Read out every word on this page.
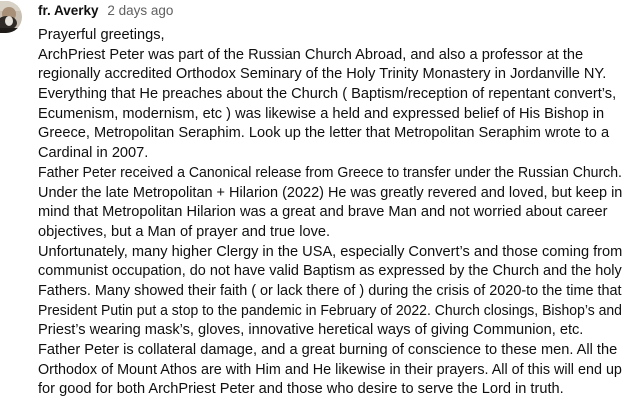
fr. Averky 2 days ago
Prayerful greetings,
ArchPriest Peter was part of the Russian Church Abroad, and also a professor at the
regionally accredited Orthodox Seminary of the Holy Trinity Monastery in Jordanville NY.
Everything that He preaches about the Church ( Baptism/reception of repentant convert’s,
Ecumenism, modernism, etc ) was likewise a held and expressed belief of His Bishop in
Greece, Metropolitan Seraphim. Look up the letter that Metropolitan Seraphim wrote to a
Cardinal in 2007.
Father Peter received a Canonical release from Greece to transfer under the Russian Church.
Under the late Metropolitan + Hilarion (2022) He was greatly revered and loved, but keep in
mind that Metropolitan Hilarion was a great and brave Man and not worried about career
objectives, but a Man of prayer and true love.
Unfortunately, many higher Clergy in the USA, especially Convert’s and those coming from
communist occupation, do not have valid Baptism as expressed by the Church and the holy
Fathers. Many showed their faith ( or lack there of ) during the crisis of 2020-to the time that
President Putin put a stop to the pandemic in February of 2022. Church closings, Bishop’s and
Priest’s wearing mask’s, gloves, innovative heretical ways of giving Communion, etc.
Father Peter is collateral damage, and a great burning of conscience to these men. All the
Orthodox of Mount Athos are with Him and He likewise in their prayers. All of this will end up
for good for both ArchPriest Peter and those who desire to serve the Lord in truth.
